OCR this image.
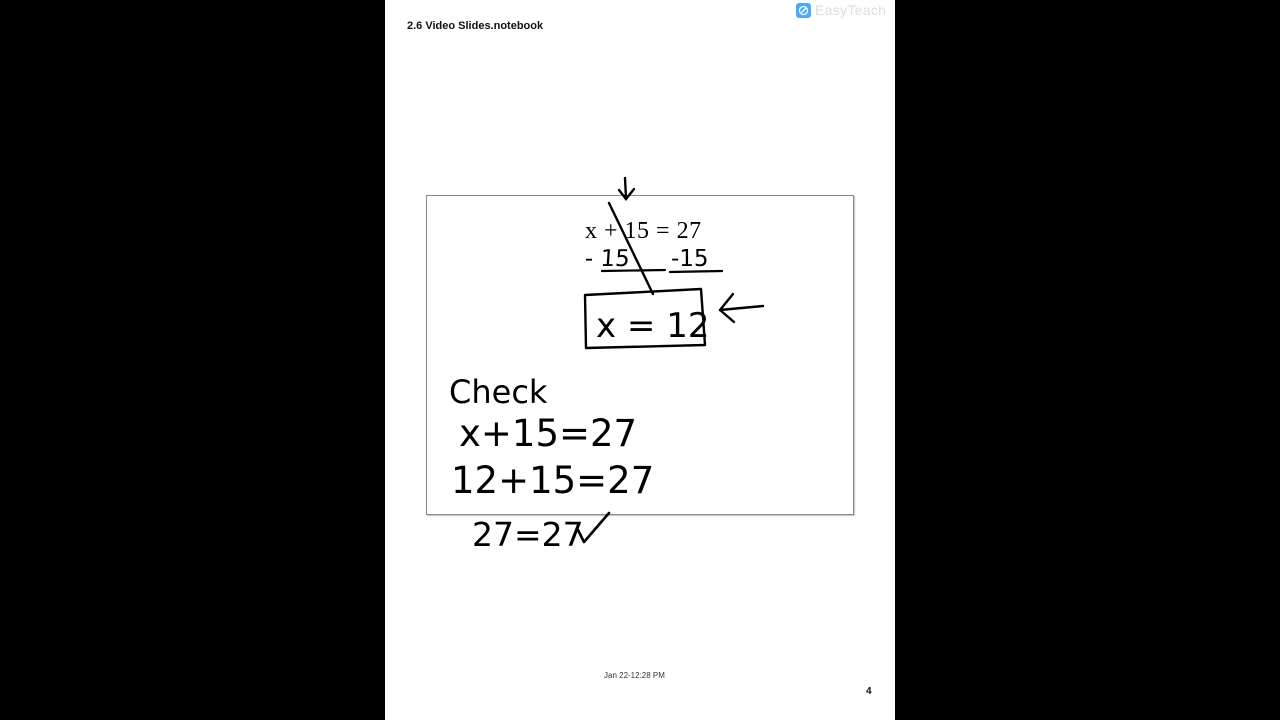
2.6 Video Slides.notebook
EasyTeach
x + 15 = 27
- 15 -15
x = 12
Check
x+15=27
12+15=27
27=27
Jan 22-12:28 PM
4
